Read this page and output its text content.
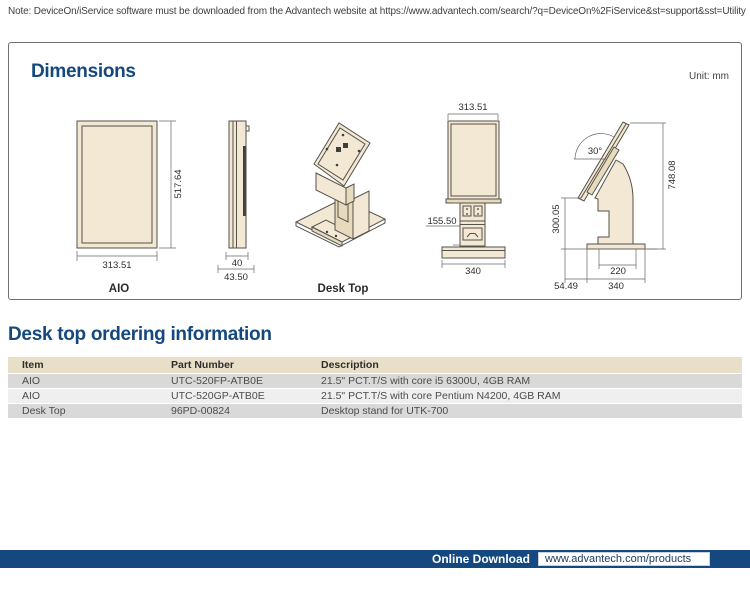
Note: DeviceOn/iService software must be downloaded from the Advantech website at https://www.advantech.com/search/?q=DeviceOn%2FiService&st=support&sst=Utility
Dimensions	Unit: mm
517.64
313.51	40
43.50
AIO	Desk Top
313.51
155.50
340
30°
748.08
300.05
220
54.49	340
Desk top ordering information
Item	Part Number	Description
AIO	UTC-520FP-ATB0E	21.5" PCT.T/S with core i5 6300U, 4GB RAM
AIO	UTC-520GP-ATB0E	21.5" PCT.T/S with core Pentium N4200, 4GB RAM
Desk Top	96PD-00824	Desktop stand for UTK-700
Online Download	www.advantech.com/products
